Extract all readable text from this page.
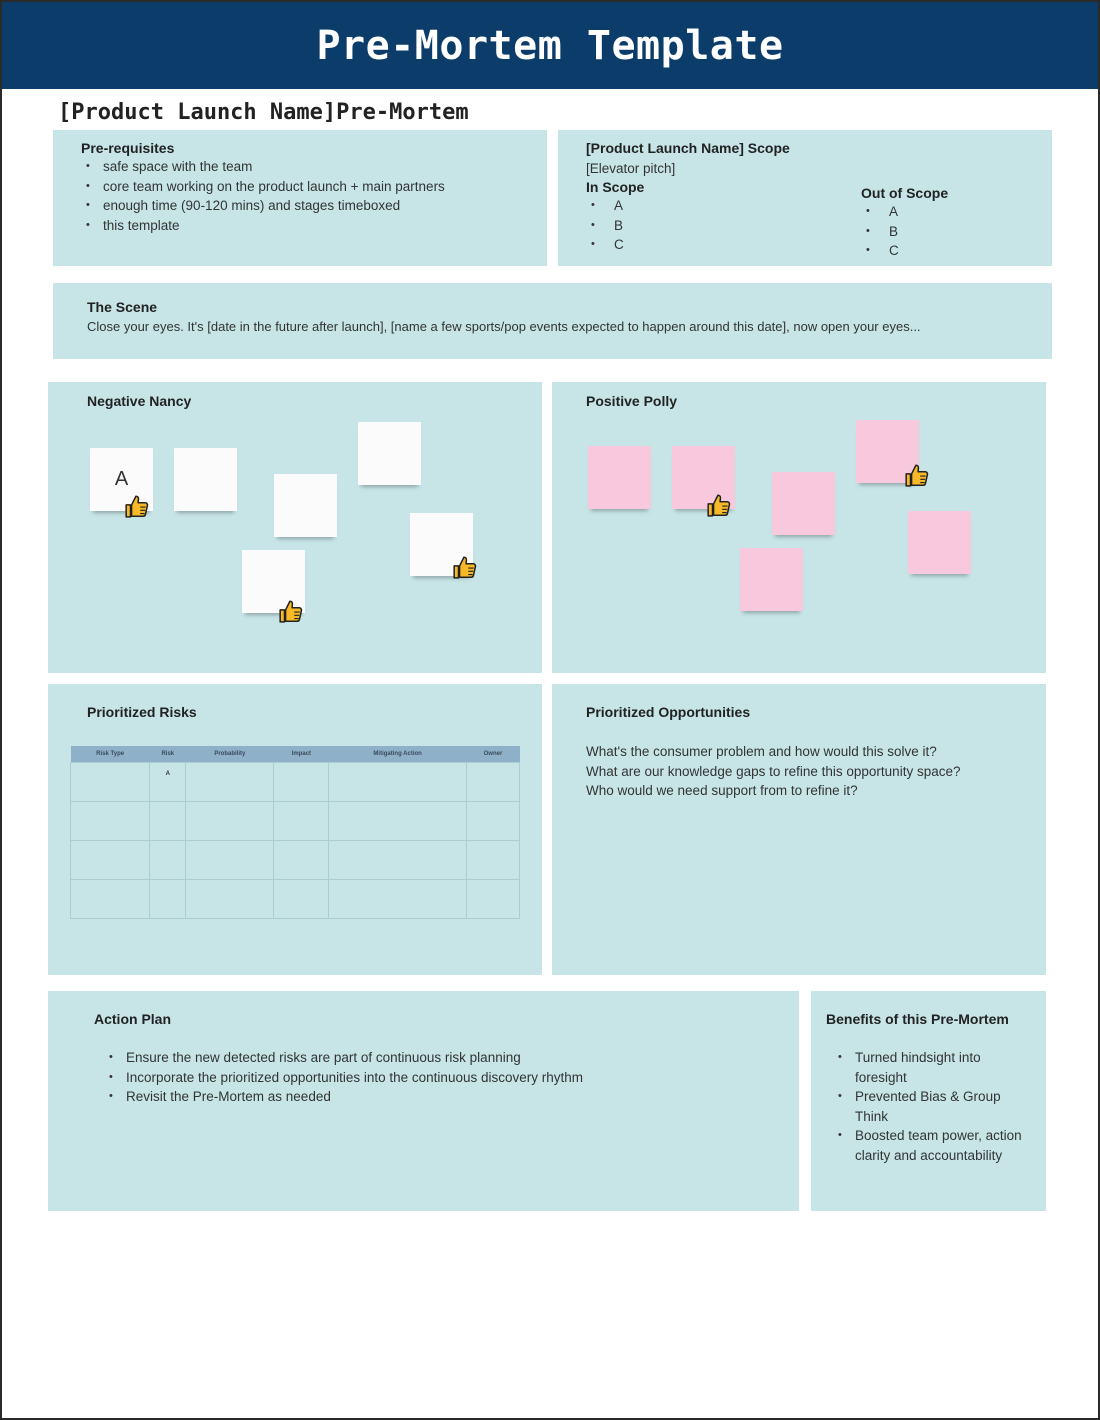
Pre-Mortem Template
[Product Launch Name]Pre-Mortem
Pre-requisites
• safe space with the team
• core team working on the product launch + main partners
• enough time (90-120 mins) and stages timeboxed
• this template
[Product Launch Name] Scope
[Elevator pitch]
In Scope
• A
• B
• C
Out of Scope
• A
• B
• C
The Scene
Close your eyes. It's [date in the future after launch], [name a few sports/pop events expected to happen around this date], now open your eyes...
Negative Nancy
A
Positive Polly
Prioritized Risks
Risk Type	Risk	Probability	Impact	Mitigating Action	Owner
	A				

Prioritized Opportunities
What's the consumer problem and how would this solve it?
What are our knowledge gaps to refine this opportunity space?
Who would we need support from to refine it?
Action Plan
• Ensure the new detected risks are part of continuous risk planning
• Incorporate the prioritized opportunities into the continuous discovery rhythm
• Revisit the Pre-Mortem as needed
Benefits of this Pre-Mortem
• Turned hindsight into foresight
• Prevented Bias & Group Think
• Boosted team power, action clarity and accountability
